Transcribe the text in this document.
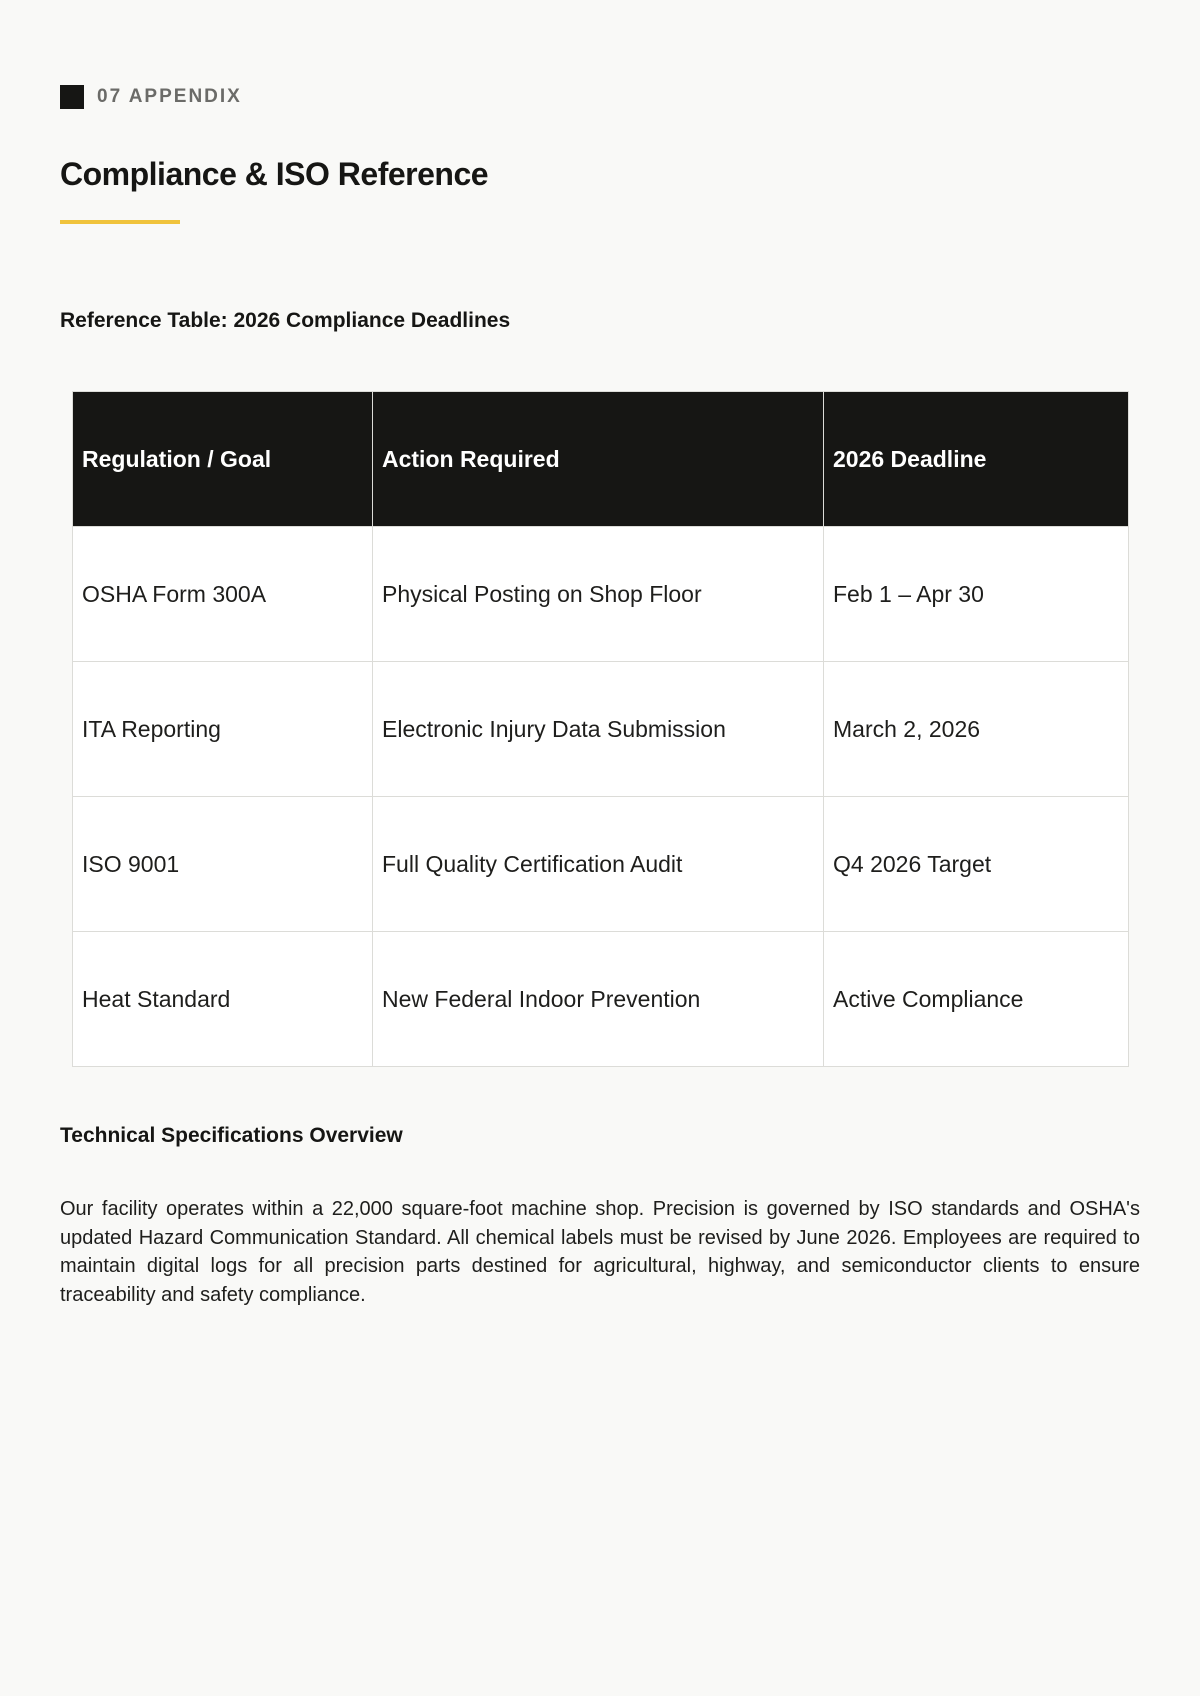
07 APPENDIX
Compliance & ISO Reference
Reference Table: 2026 Compliance Deadlines
Regulation / Goal	Action Required	2026 Deadline
OSHA Form 300A	Physical Posting on Shop Floor	Feb 1 – Apr 30
ITA Reporting	Electronic Injury Data Submission	March 2, 2026
ISO 9001	Full Quality Certification Audit	Q4 2026 Target
Heat Standard	New Federal Indoor Prevention	Active Compliance
Technical Specifications Overview

Our facility operates within a 22,000 square-foot machine shop. Precision is governed by ISO standards and OSHA's updated Hazard Communication Standard. All chemical labels must be revised by June 2026. Employees are required to maintain digital logs for all precision parts destined for agricultural, highway, and semiconductor clients to ensure traceability and safety compliance.
